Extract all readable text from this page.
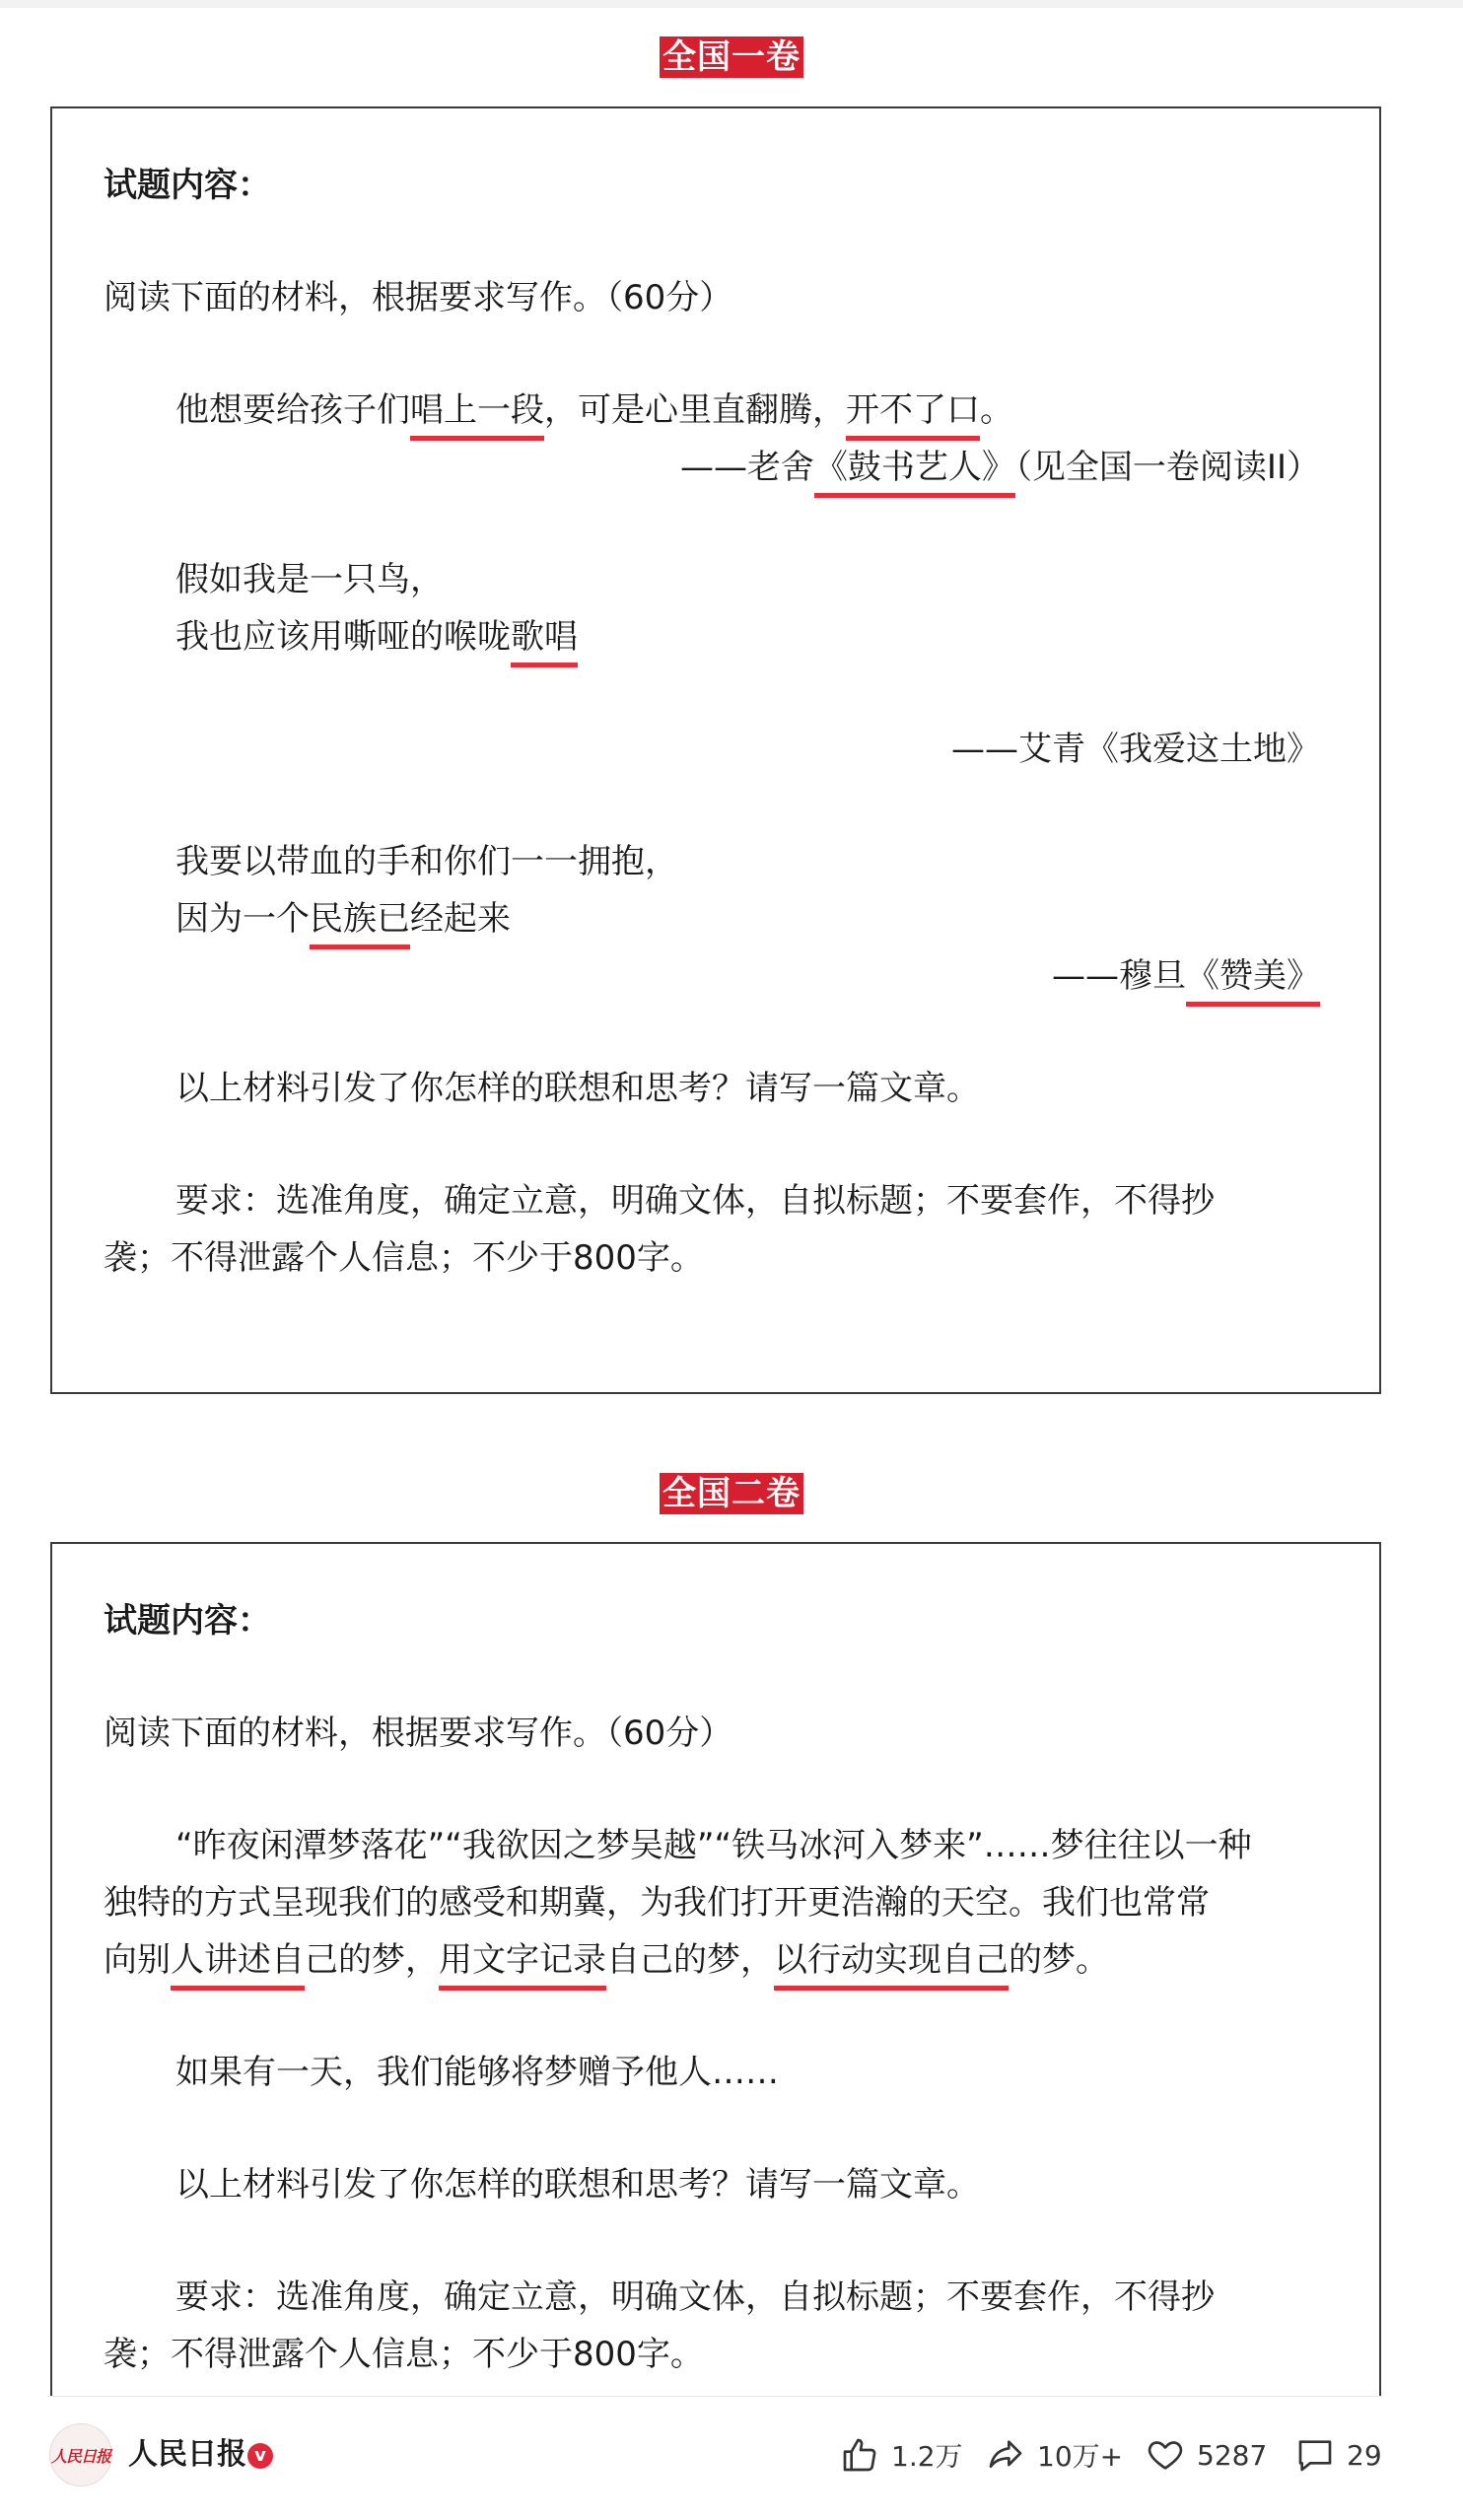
全国一卷
试题内容：
阅读下面的材料，根据要求写作。（60分）
他想要给孩子们唱上一段，可是心里直翻腾，开不了口。
——老舍《鼓书艺人》（见全国一卷阅读II）
假如我是一只鸟，
我也应该用嘶哑的喉咙歌唱
——艾青《我爱这土地》
我要以带血的手和你们一一拥抱，
因为一个民族已经起来
——穆旦《赞美》
以上材料引发了你怎样的联想和思考？请写一篇文章。
要求：选准角度，确定立意，明确文体，自拟标题；不要套作，不得抄
袭；不得泄露个人信息；不少于800字。
全国二卷
试题内容：
阅读下面的材料，根据要求写作。（60分）
“昨夜闲潭梦落花”“我欲因之梦吴越”“铁马冰河入梦来”……梦往往以一种
独特的方式呈现我们的感受和期冀，为我们打开更浩瀚的天空。我们也常常
向别人讲述自己的梦，用文字记录自己的梦，以行动实现自己的梦。
如果有一天，我们能够将梦赠予他人……
以上材料引发了你怎样的联想和思考？请写一篇文章。
要求：选准角度，确定立意，明确文体，自拟标题；不要套作，不得抄
袭；不得泄露个人信息；不少于800字。
人民日报 人民日报 v	1.2万	10万+	5287	29
